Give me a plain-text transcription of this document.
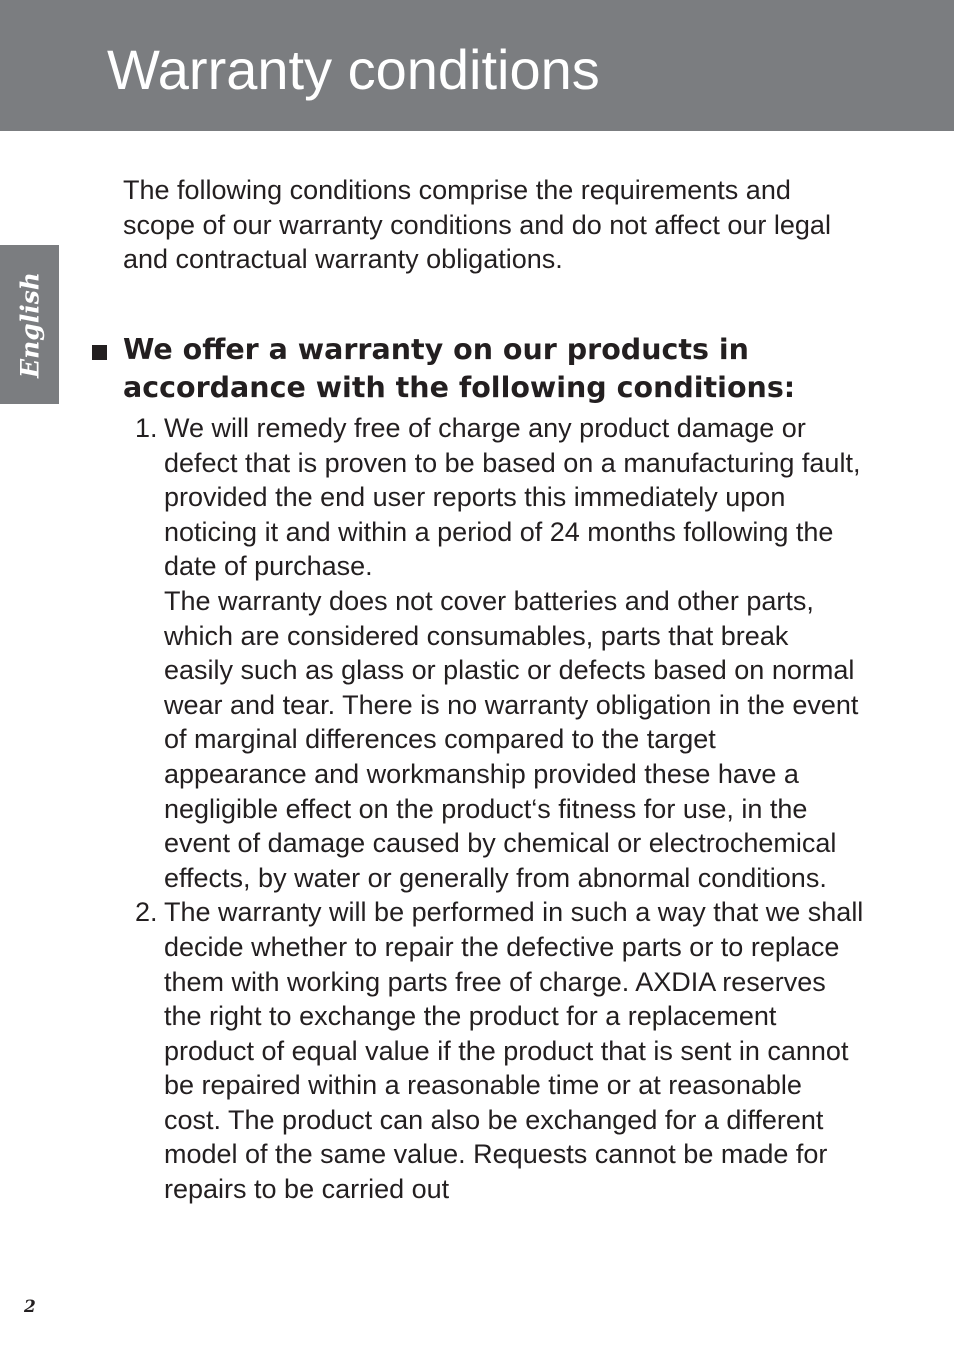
Warranty conditions
English

The following conditions comprise the requirements and scope of our warranty conditions and do not affect our legal and contractual warranty obligations.

We offer a warranty on our products in accordance with the following conditions:
1. We will remedy free of charge any product damage or defect that is proven to be based on a manufacturing fault, provided the end user reports this immediately upon noticing it and within a period of 24 months following the date of purchase.

The warranty does not cover batteries and other parts, which are considered consumables, parts that break easily such as glass or plastic or defects based on normal wear and tear. There is no warranty obligation in the event of marginal differences compared to the target appearance and workmanship provided these have a negligible effect on the product‘s fitness for use, in the event of damage caused by chemical or electrochemical effects, by water or generally from abnormal conditions.

2. The warranty will be performed in such a way that we shall decide whether to repair the defective parts or to replace them with working parts free of charge. AXDIA reserves the right to exchange the product for a replacement product of equal value if the product that is sent in cannot be repaired within a reasonable time or at reasonable cost. The product can also be exchanged for a different model of the same value. Requests cannot be made for repairs to be carried out

2
